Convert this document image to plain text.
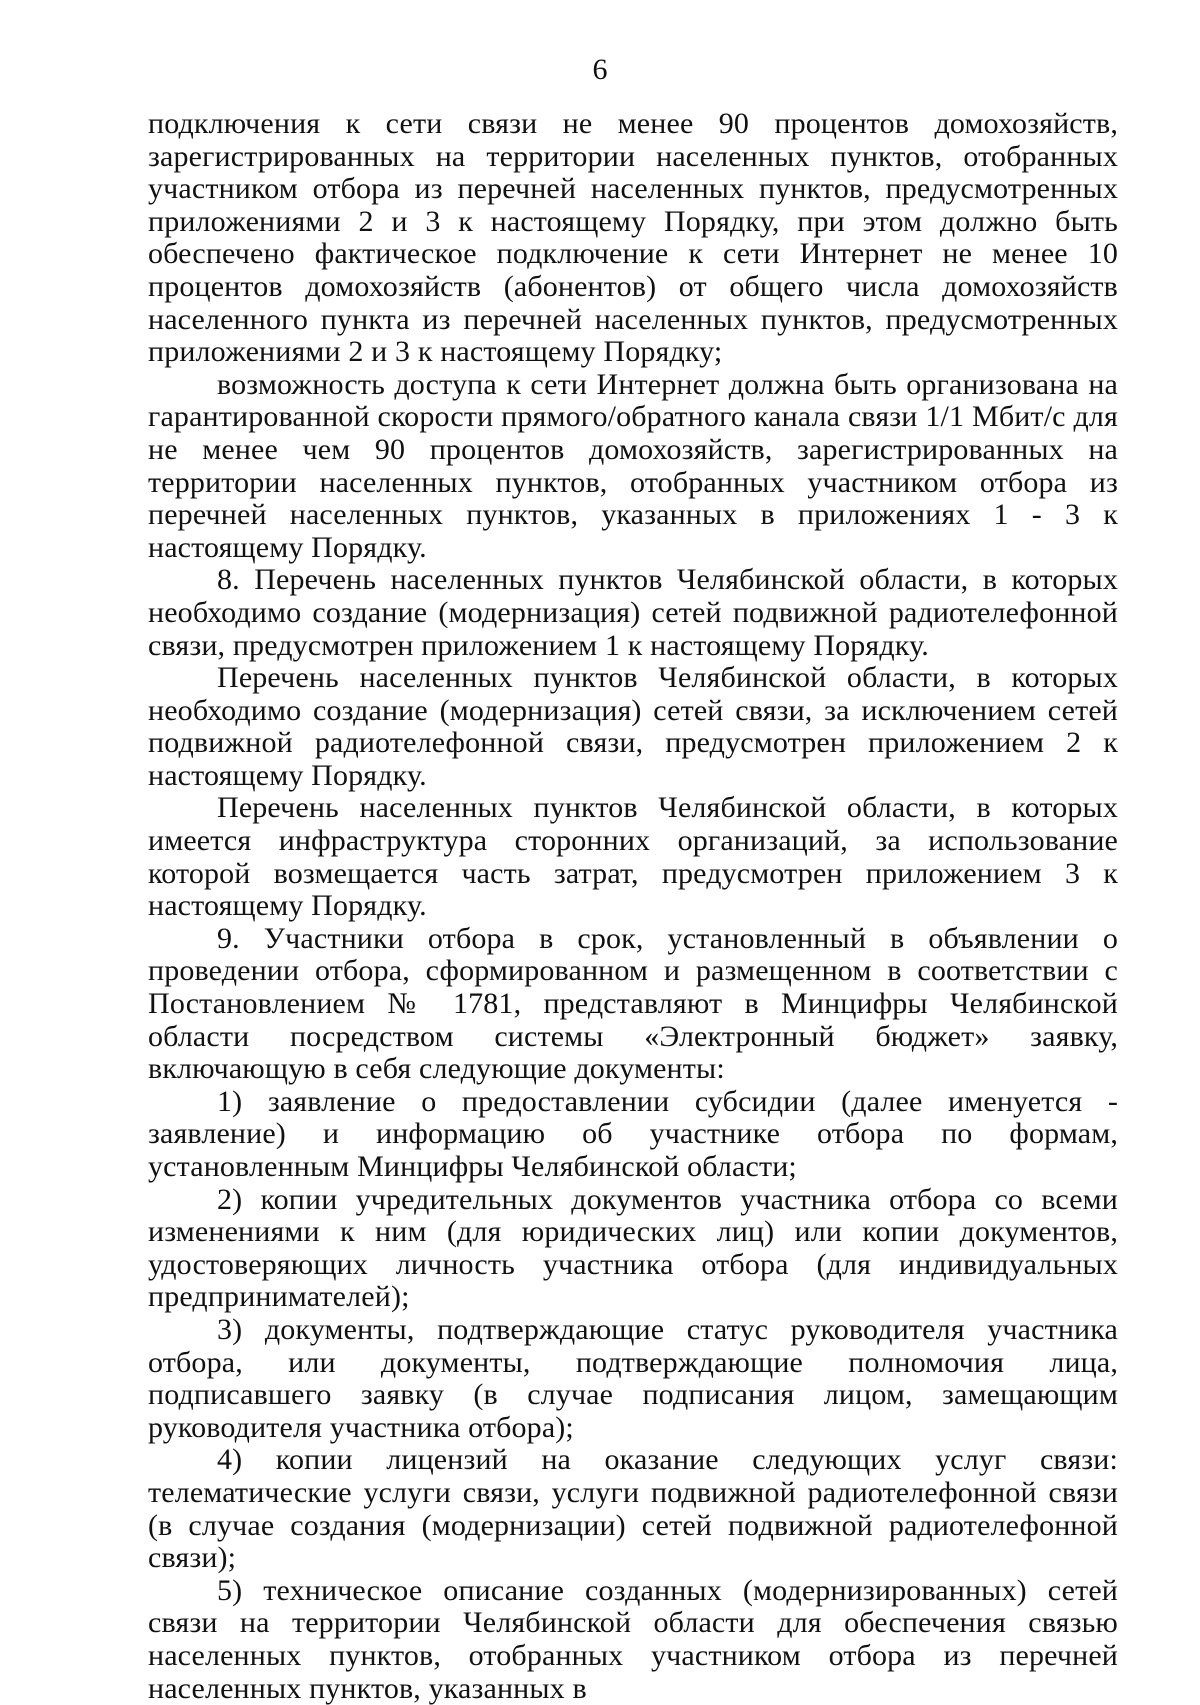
6

подключения к сети связи не менее 90 процентов домохозяйств, зарегистрированных на территории населенных пунктов, отобранных участником отбора из перечней населенных пунктов, предусмотренных приложениями 2 и 3 к настоящему Порядку, при этом должно быть обеспечено фактическое подключение к сети Интернет не менее 10 процентов домохозяйств (абонентов) от общего числа домохозяйств населенного пункта из перечней населенных пунктов, предусмотренных приложениями 2 и 3 к настоящему Порядку;

возможность доступа к сети Интернет должна быть организована на гарантированной скорости прямого/обратного канала связи 1/1 Мбит/с для не менее чем 90 процентов домохозяйств, зарегистрированных на территории населенных пунктов, отобранных участником отбора из перечней населенных пунктов, указанных в приложениях 1 - 3 к настоящему Порядку.

8. Перечень населенных пунктов Челябинской области, в которых необходимо создание (модернизация) сетей подвижной радиотелефонной связи, предусмотрен приложением 1 к настоящему Порядку.

Перечень населенных пунктов Челябинской области, в которых необходимо создание (модернизация) сетей связи, за исключением сетей подвижной радиотелефонной связи, предусмотрен приложением 2 к настоящему Порядку.

Перечень населенных пунктов Челябинской области, в которых имеется инфраструктура сторонних организаций, за использование которой возмещается часть затрат, предусмотрен приложением 3 к настоящему Порядку.

9. Участники отбора в срок, установленный в объявлении о проведении отбора, сформированном и размещенном в соответствии с Постановлением № 1781, представляют в Минцифры Челябинской области посредством системы «Электронный бюджет» заявку, включающую в себя следующие документы:

1) заявление о предоставлении субсидии (далее именуется - заявление) и информацию об участнике отбора по формам, установленным Минцифры Челябинской области;

2) копии учредительных документов участника отбора со всеми изменениями к ним (для юридических лиц) или копии документов, удостоверяющих личность участника отбора (для индивидуальных предпринимателей);

3) документы, подтверждающие статус руководителя участника отбора, или документы, подтверждающие полномочия лица, подписавшего заявку (в случае подписания лицом, замещающим руководителя участника отбора);

4) копии лицензий на оказание следующих услуг связи: телематические услуги связи, услуги подвижной радиотелефонной связи (в случае создания (модернизации) сетей подвижной радиотелефонной связи);

5) техническое описание созданных (модернизированных) сетей связи на территории Челябинской области для обеспечения связью населенных пунктов, отобранных участником отбора из перечней населенных пунктов, указанных в
